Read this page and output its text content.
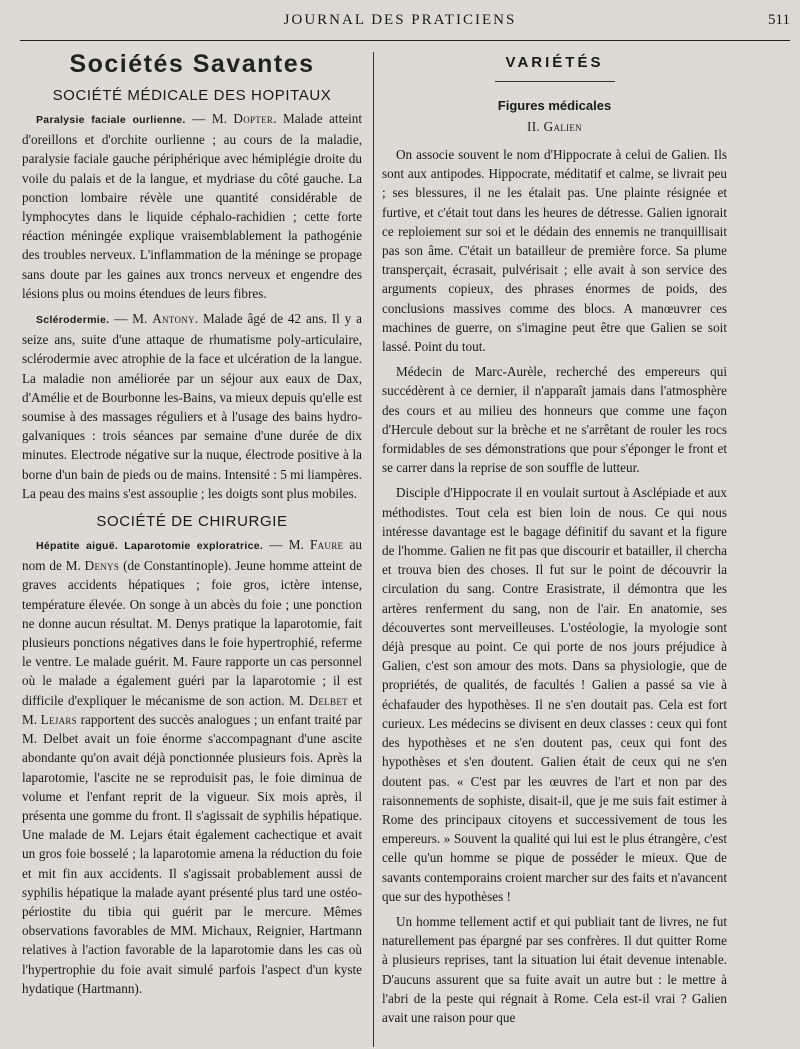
JOURNAL DES PRATICIENS	511
Sociétés Savantes
SOCIÉTÉ MÉDICALE DES HOPITAUX

Paralysie faciale ourlienne. — M. Dopter. Malade atteint d'oreillons et d'orchite ourlienne ; au cours de la maladie, paralysie faciale gauche périphérique avec hémiplégie droite du voile du palais et de la langue, et mydriase du côté gauche. La ponction lombaire révèle une quantité considérable de lymphocytes dans le liquide céphalo-rachidien ; cette forte réaction méningée explique vraisemblablement la pathogénie des troubles nerveux. L'inflammation de la méninge se propage sans doute par les gaines aux troncs nerveux et engendre des lésions plus ou moins étendues de leurs fibres.

Sclérodermie. — M. Antony. Malade âgé de 42 ans. Il y a seize ans, suite d'une attaque de rhumatisme poly-articulaire, sclérodermie avec atrophie de la face et ulcération de la langue. La maladie non améliorée par un séjour aux eaux de Dax, d'Amélie et de Bourbonne les-Bains, va mieux depuis qu'elle est soumise à des massages réguliers et à l'usage des bains hydro-galvaniques : trois séances par semaine d'une durée de dix minutes. Electrode négative sur la nuque, électrode positive à la borne d'un bain de pieds ou de mains. Intensité : 5 mi liampères. La peau des mains s'est assouplie ; les doigts sont plus mobiles.

SOCIÉTÉ DE CHIRURGIE

Hépatite aiguë. Laparotomie exploratrice. — M. Faure au nom de M. Denys (de Constantinople). Jeune homme atteint de graves accidents hépatiques ; foie gros, ictère intense, température élevée. On songe à un abcès du foie ; une ponction ne donne aucun résultat. M. Denys pratique la laparotomie, fait plusieurs ponctions négatives dans le foie hypertrophié, referme le ventre. Le malade guérit. M. Faure rapporte un cas personnel où le malade a également guéri par la laparotomie ; il est difficile d'expliquer le mécanisme de son action. M. Delbet et M. Lejars rapportent des succès analogues ; un enfant traité par M. Delbet avait un foie énorme s'accompagnant d'une ascite abondante qu'on avait déjà ponctionnée plusieurs fois. Après la laparotomie, l'ascite ne se reproduisit pas, le foie diminua de volume et l'enfant reprit de la vigueur. Six mois après, il présenta une gomme du front. Il s'agissait de syphilis hépatique. Une malade de M. Lejars était également cachectique et avait un gros foie bosselé ; la laparotomie amena la réduction du foie et mit fin aux accidents. Il s'agissait probablement aussi de syphilis hépatique la malade ayant présenté plus tard une ostéo-périostite du tibia qui guérit par le mercure. Mêmes observations favorables de MM. Michaux, Reignier, Hartmann relatives à l'action favorable de la laparotomie dans les cas où l'hypertrophie du foie avait simulé parfois l'aspect d'un kyste hydatique (Hartmann).

VARIÉTÉS
Figures médicales
II. Galien

On associe souvent le nom d'Hippocrate à celui de Galien. Ils sont aux antipodes. Hippocrate, méditatif et calme, se livrait peu ; ses blessures, il ne les étalait pas. Une plainte résignée et furtive, et c'était tout dans les heures de détresse. Galien ignorait ce reploiement sur soi et le dédain des ennemis ne tranquillisait pas son âme. C'était un batailleur de première force. Sa plume transperçait, écrasait, pulvérisait ; elle avait à son service des arguments copieux, des phrases énormes de poids, des conclusions massives comme des blocs. A manœuvrer ces machines de guerre, on s'imagine peut être que Galien se soit lassé. Point du tout.

Médecin de Marc-Aurèle, recherché des empereurs qui succédèrent à ce dernier, il n'apparaît jamais dans l'atmosphère des cours et au milieu des honneurs que comme une façon d'Hercule debout sur la brèche et ne s'arrêtant de rouler les rocs formidables de ses démonstrations que pour s'éponger le front et se carrer dans la reprise de son souffle de lutteur.

Disciple d'Hippocrate il en voulait surtout à Asclépiade et aux méthodistes. Tout cela est bien loin de nous. Ce qui nous intéresse davantage est le bagage définitif du savant et la figure de l'homme. Galien ne fit pas que discourir et batailler, il chercha et trouva bien des choses. Il fut sur le point de découvrir la circulation du sang. Contre Erasistrate, il démontra que les artères renferment du sang, non de l'air. En anatomie, ses découvertes sont merveilleuses. L'ostéologie, la myologie sont déjà presque au point. Ce qui porte de nos jours préjudice à Galien, c'est son amour des mots. Dans sa physiologie, que de propriétés, de qualités, de facultés ! Galien a passé sa vie à échafauder des hypothèses. Il ne s'en doutait pas. Cela est fort curieux. Les médecins se divisent en deux classes : ceux qui font des hypothèses et ne s'en doutent pas, ceux qui font des hypothèses et s'en doutent. Galien était de ceux qui ne s'en doutent pas. « C'est par les œuvres de l'art et non par des raisonnements de sophiste, disait-il, que je me suis fait estimer à Rome des principaux citoyens et successivement de tous les empereurs. » Souvent la qualité qui lui est le plus étrangère, c'est celle qu'un homme se pique de posséder le mieux. Que de savants contemporains croient marcher sur des faits et n'avancent que sur des hypothèses !

Un homme tellement actif et qui publiait tant de livres, ne fut naturellement pas épargné par ses confrères. Il dut quitter Rome à plusieurs reprises, tant la situation lui était devenue intenable. D'aucuns assurent que sa fuite avait un autre but : le mettre à l'abri de la peste qui régnait à Rome. Cela est-il vrai ? Galien avait une raison pour que
